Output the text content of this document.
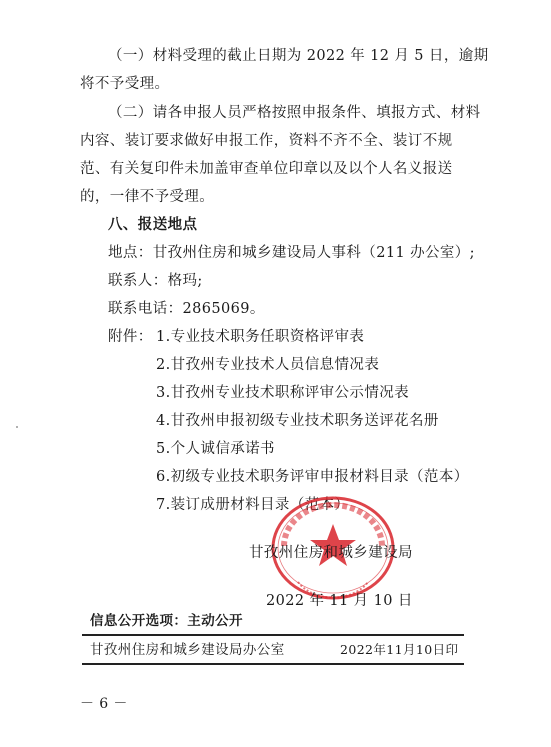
（一）材料受理的截止日期为 2022 年 12 月 5 日，逾期
将不予受理。
（二）请各申报人员严格按照申报条件、填报方式、材料
内容、装订要求做好申报工作，资料不齐不全、装订不规
范、有关复印件未加盖审查单位印章以及以个人名义报送
的，一律不予受理。
八、报送地点
地点：甘孜州住房和城乡建设局人事科（211 办公室）;
联系人：格玛;
联系电话：2865069。
附件： 1.专业技术职务任职资格评审表
2.甘孜州专业技术人员信息情况表
3.甘孜州专业技术职称评审公示情况表
4.甘孜州申报初级专业技术职务送评花名册
5.个人诚信承诺书
6.初级专业技术职务评审申报材料目录（范本）
7.装订成册材料目录（范本）
甘孜州住房和城乡建设局
2022 年 11 月 10 日
信息公开选项：主动公开
甘孜州住房和城乡建设局办公室	2022年11月10日印
－ 6 －
